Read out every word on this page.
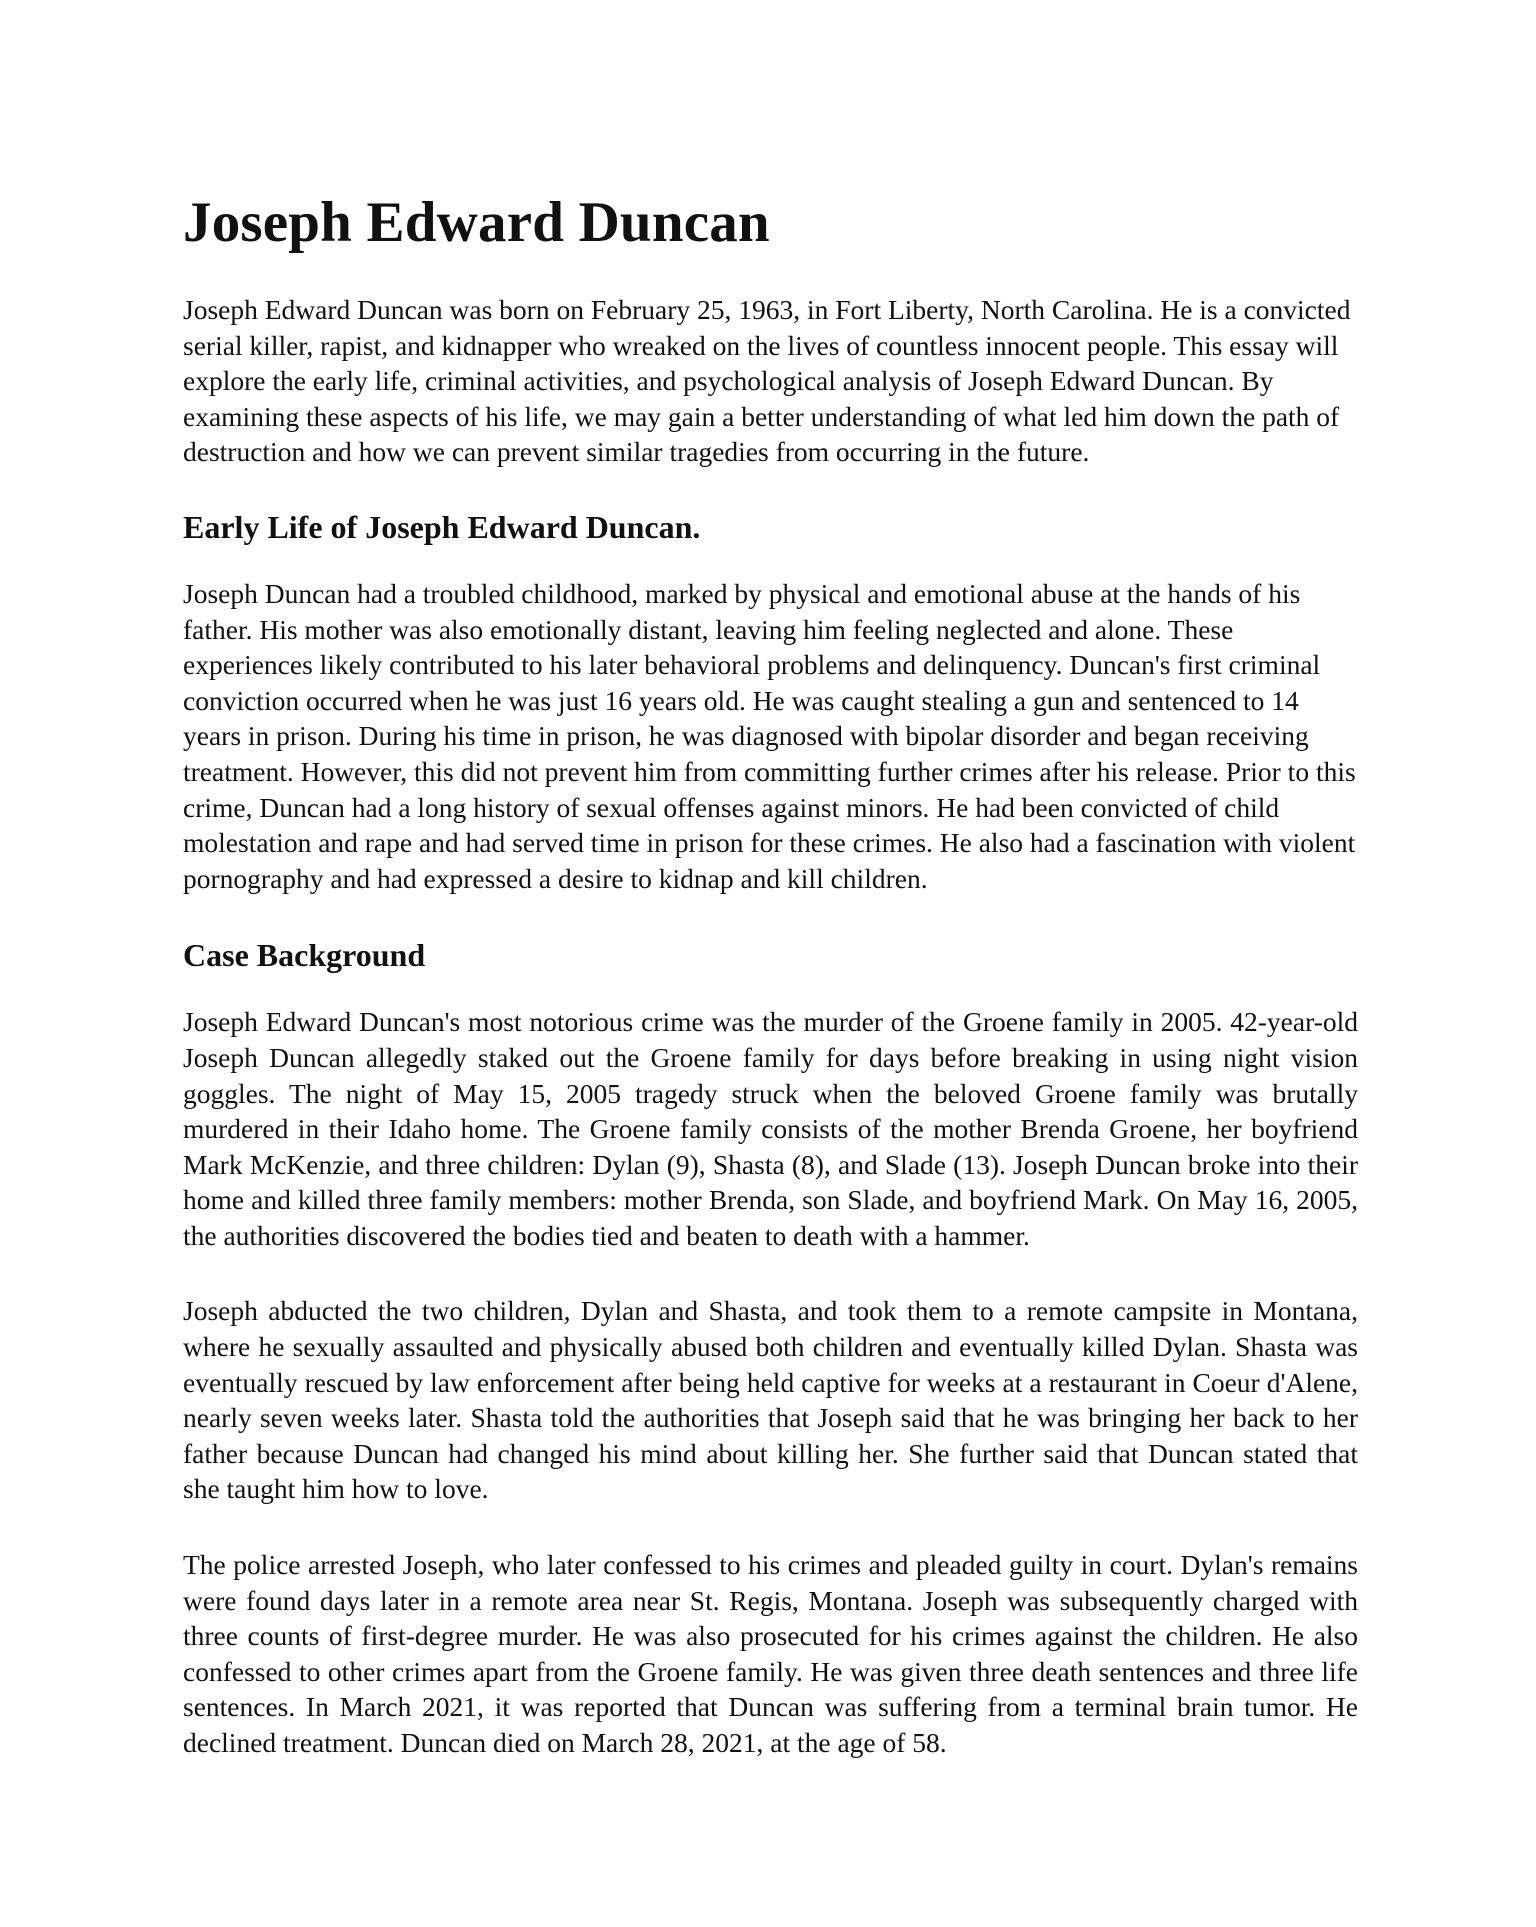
Joseph Edward Duncan

Joseph Edward Duncan was born on February 25, 1963, in Fort Liberty, North Carolina. He is a convicted serial killer, rapist, and kidnapper who wreaked on the lives of countless innocent people. This essay will explore the early life, criminal activities, and psychological analysis of Joseph Edward Duncan. By examining these aspects of his life, we may gain a better understanding of what led him down the path of destruction and how we can prevent similar tragedies from occurring in the future.

Early Life of Joseph Edward Duncan.

Joseph Duncan had a troubled childhood, marked by physical and emotional abuse at the hands of his father. His mother was also emotionally distant, leaving him feeling neglected and alone. These experiences likely contributed to his later behavioral problems and delinquency. Duncan's first criminal conviction occurred when he was just 16 years old. He was caught stealing a gun and sentenced to 14 years in prison. During his time in prison, he was diagnosed with bipolar disorder and began receiving treatment. However, this did not prevent him from committing further crimes after his release. Prior to this crime, Duncan had a long history of sexual offenses against minors. He had been convicted of child molestation and rape and had served time in prison for these crimes. He also had a fascination with violent pornography and had expressed a desire to kidnap and kill children.

Case Background

Joseph Edward Duncan's most notorious crime was the murder of the Groene family in 2005. 42-year-old Joseph Duncan allegedly staked out the Groene family for days before breaking in using night vision goggles. The night of May 15, 2005 tragedy struck when the beloved Groene family was brutally murdered in their Idaho home. The Groene family consists of the mother Brenda Groene, her boyfriend Mark McKenzie, and three children: Dylan (9), Shasta (8), and Slade (13). Joseph Duncan broke into their home and killed three family members: mother Brenda, son Slade, and boyfriend Mark. On May 16, 2005, the authorities discovered the bodies tied and beaten to death with a hammer.

Joseph abducted the two children, Dylan and Shasta, and took them to a remote campsite in Montana, where he sexually assaulted and physically abused both children and eventually killed Dylan. Shasta was eventually rescued by law enforcement after being held captive for weeks at a restaurant in Coeur d'Alene, nearly seven weeks later. Shasta told the authorities that Joseph said that he was bringing her back to her father because Duncan had changed his mind about killing her. She further said that Duncan stated that she taught him how to love.

The police arrested Joseph, who later confessed to his crimes and pleaded guilty in court. Dylan's remains were found days later in a remote area near St. Regis, Montana. Joseph was subsequently charged with three counts of first-degree murder. He was also prosecuted for his crimes against the children. He also confessed to other crimes apart from the Groene family. He was given three death sentences and three life sentences. In March 2021, it was reported that Duncan was suffering from a terminal brain tumor. He declined treatment. Duncan died on March 28, 2021, at the age of 58.
